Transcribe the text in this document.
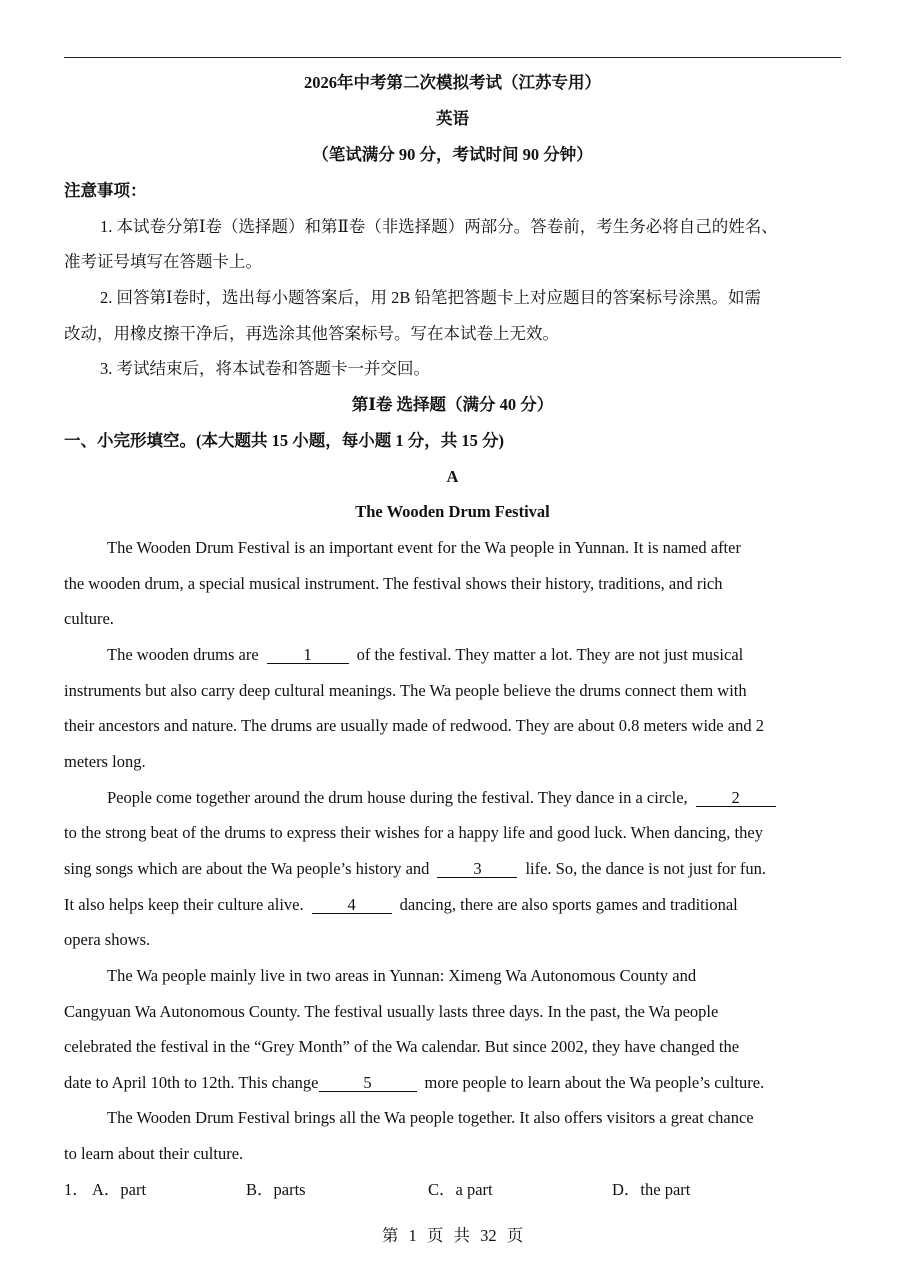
2026年中考第二次模拟考试（江苏专用）
英语
（笔试满分 90 分，考试时间 90 分钟）
注意事项：
1. 本试卷分第Ⅰ卷（选择题）和第Ⅱ卷（非选择题）两部分。答卷前，考生务必将自己的姓名、
准考证号填写在答题卡上。
2. 回答第Ⅰ卷时，选出每小题答案后，用 2B 铅笔把答题卡上对应题目的答案标号涂黑。如需
改动，用橡皮擦干净后，再选涂其他答案标号。写在本试卷上无效。
3. 考试结束后，将本试卷和答题卡一并交回。
第Ⅰ卷 选择题（满分 40 分）
一、小完形填空。(本大题共 15 小题，每小题 1 分，共 15 分)
A
The Wooden Drum Festival
The Wooden Drum Festival is an important event for the Wa people in Yunnan. It is named after
the wooden drum, a special musical instrument. The festival shows their history, traditions, and rich
culture.
The wooden drums are	1	of the festival. They matter a lot. They are not just musical
instruments but also carry deep cultural meanings. The Wa people believe the drums connect them with
their ancestors and nature. The drums are usually made of redwood. They are about 0.8 meters wide and 2
meters long.
People come together around the drum house during the festival. They dance in a circle,	2
to the strong beat of the drums to express their wishes for a happy life and good luck. When dancing, they
sing songs which are about the Wa people’s history and	3	life. So, the dance is not just for fun.
It also helps keep their culture alive.	4	dancing, there are also sports games and traditional
opera shows.
The Wa people mainly live in two areas in Yunnan: Ximeng Wa Autonomous County and
Cangyuan Wa Autonomous County. The festival usually lasts three days. In the past, the Wa people
celebrated the festival in the “Grey Month” of the Wa calendar. But since 2002, they have changed the
date to April 10th to 12th. This change	5	more people to learn about the Wa people’s culture.
The Wooden Drum Festival brings all the Wa people together. It also offers visitors a great chance
to learn about their culture.
1． A．part	B．parts	C．a part	D．the part
第 1 页 共 32 页
